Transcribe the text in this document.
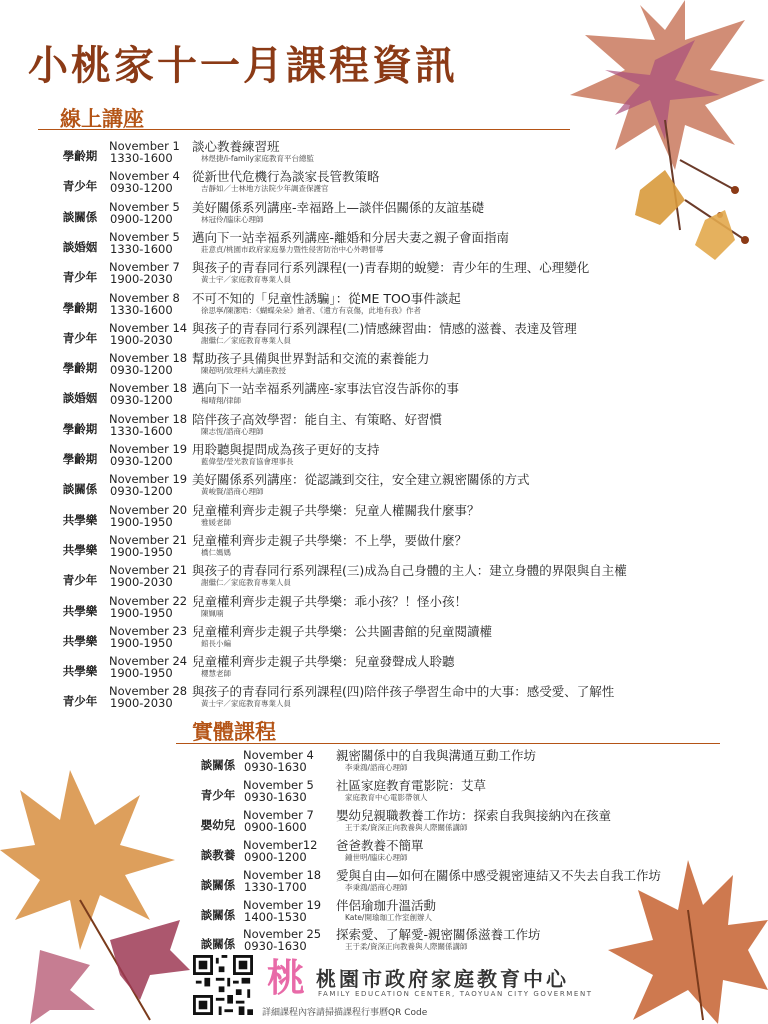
小桃家十一月課程資訊
線上講座
學齡期
November 1
1330-1600
談心教養練習班
林煜捷/i-family家庭教育平台總監
青少年
November 4
0930-1200
從新世代危機行為談家長管教策略
吉靜如／士林地方法院少年調查保護官
談關係
November 5
0900-1200
美好關係系列講座-幸福路上—談伴侶關係的友誼基礎
林冠伶/臨床心理師
談婚姻
November 5
1330-1600
邁向下一站幸福系列講座-離婚和分居夫妻之親子會面指南
莊意貞/桃園市政府家庭暴力暨性侵害防治中心外聘督導
青少年
November 7
1900-2030
與孩子的青春同行系列課程(一)青春期的蛻變：青少年的生理、心理變化
黃士宇／家庭教育專業人員
學齡期
November 8
1330-1600
不可不知的「兒童性誘騙」：從ME TOO事件談起
徐思寧/陳潔晧：《蝴蝶朵朵》繪者、《遺方有哀傷，此地有我》作者
青少年
November 14
1900-2030
與孩子的青春同行系列課程(二)情感練習曲：情感的滋養、表達及管理
謝繼仁／家庭教育專業人員
學齡期
November 18
0930-1200
幫助孩子具備與世界對話和交流的素養能力
陳超明/致理科大講座教授
談婚姻
November 18
0930-1200
邁向下一站幸福系列講座-家事法官沒告訴你的事
楊晴翔/律師
學齡期
November 18
1330-1600
陪伴孩子高效學習：能自主、有策略、好習慣
陳志恆/諮商心理師
學齡期
November 19
0930-1200
用聆聽與提問成為孩子更好的支持
藍偉瑩/瑩光教育協會理事長
談關係
November 19
0930-1200
美好關係系列講座：從認識到交往，安全建立親密關係的方式
黃峻賢/諮商心理師
共學樂
November 20
1900-1950
兒童權利齊步走親子共學樂：兒童人權關我什麼事？
雅媛老師
共學樂
November 21
1900-1950
兒童權利齊步走親子共學樂：不上學，要做什麼？
橋仁媽媽
青少年
November 21
1900-2030
與孩子的青春同行系列課程(三)成為自己身體的主人：建立身體的界限與自主權
謝繼仁／家庭教育專業人員
共學樂
November 22
1900-1950
兒童權利齊步走親子共學樂：乖小孩？！怪小孩！
陳姵喃
共學樂
November 23
1900-1950
兒童權利齊步走親子共學樂：公共圖書館的兒童閱讀權
館長小編
共學樂
November 24
1900-1950
兒童權利齊步走親子共學樂：兒童發聲成人聆聽
櫻慧老師
青少年
November 28
1900-2030
與孩子的青春同行系列課程(四)陪伴孩子學習生命中的大事：感受愛、了解性
黃士宇／家庭教育專業人員
實體課程
談關係
November 4
0930-1630
親密關係中的自我與溝通互動工作坊
李秉鴻/諮商心理師
青少年
November 5
0930-1630
社區家庭教育電影院：艾草
家庭教育中心電影帶領人
嬰幼兒
November 7
0900-1600
嬰幼兒親職教養工作坊：探索自我與接納內在孩童
王于柔/資深正向教養與人際關係講師
談教養
November12
0900-1200
爸爸教養不簡單
鍾世明/臨床心理師
談關係
November 18
1330-1700
愛與自由—如何在關係中感受親密連結又不失去自我工作坊
李秉鴻/諮商心理師
談關係
November 19
1400-1530
伴侶瑜珈升溫活動
Kate/開瑜珈工作室創辦人
談關係
November 25
0930-1630
探索愛、了解愛-親密關係滋養工作坊
王于柔/資深正向教養與人際關係講師
桃 桃園市政府家庭教育中心
FAMILY EDUCATION CENTER, TAOYUAN CITY GOVERMENT
詳細課程內容請掃描課程行事曆QR Code
